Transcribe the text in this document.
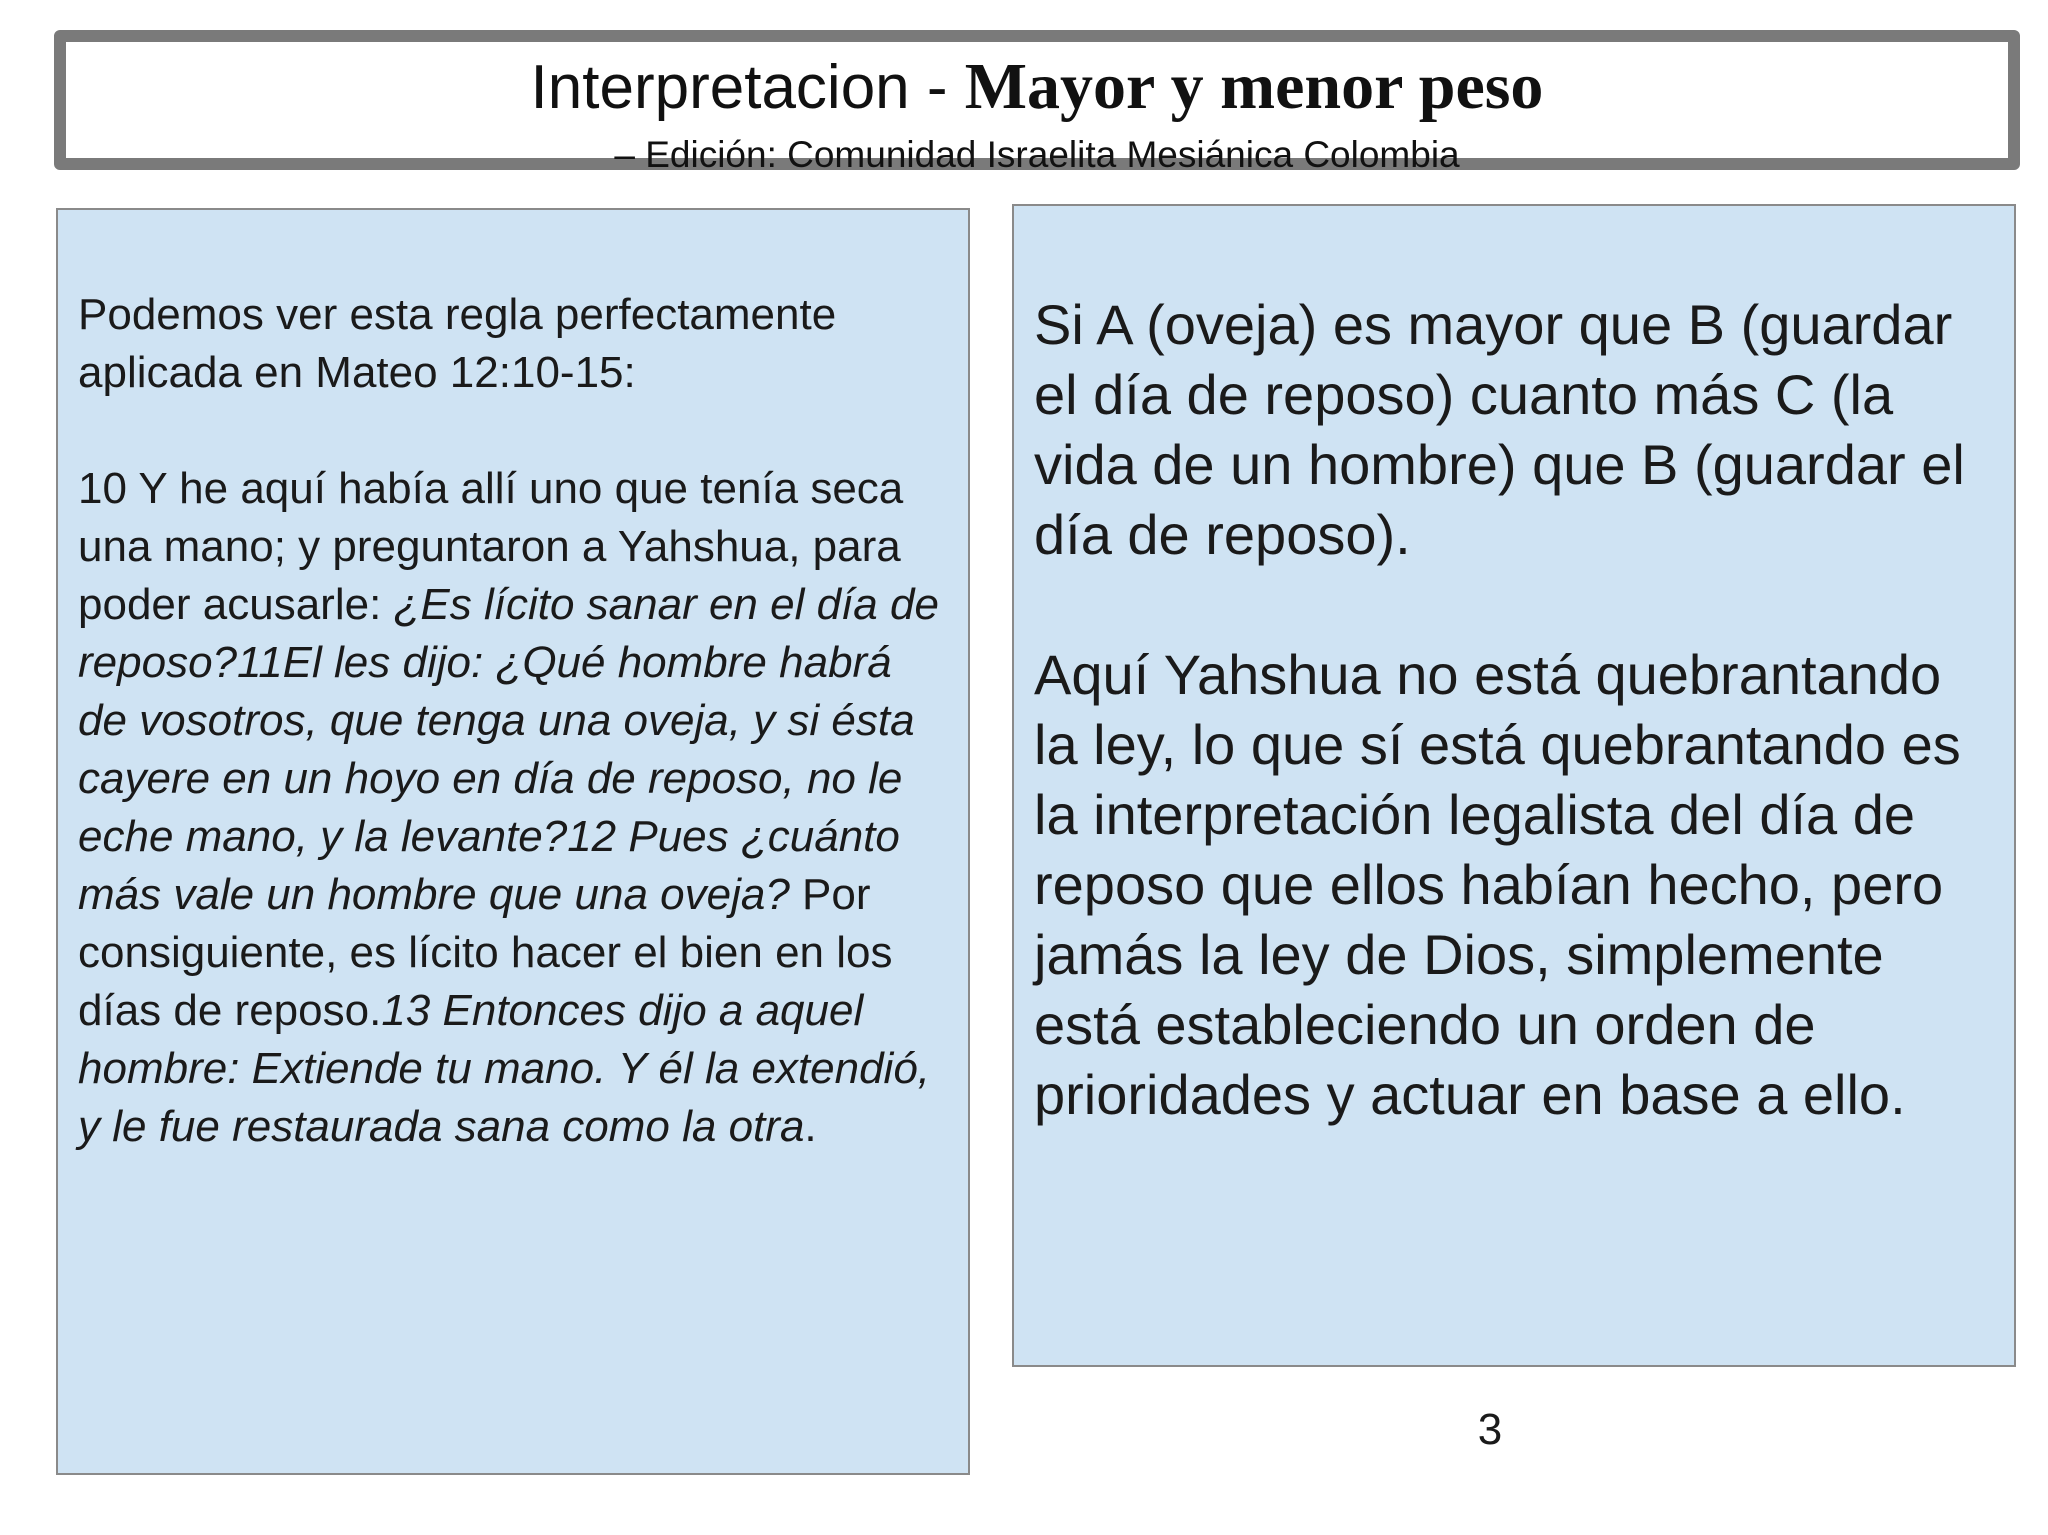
Interpretacion - Mayor y menor peso
– Edición: Comunidad Israelita Mesiánica Colombia

Podemos ver esta regla perfectamente aplicada en Mateo 12:10-15:

10 Y he aquí había allí uno que tenía seca una mano; y preguntaron a Yahshua, para poder acusarle: ¿Es lícito sanar en el día de reposo?11El les dijo: ¿Qué hombre habrá de vosotros, que tenga una oveja, y si ésta cayere en un hoyo en día de reposo, no le eche mano, y la levante?12 Pues ¿cuánto más vale un hombre que una oveja? Por consiguiente, es lícito hacer el bien en los días de reposo.13 Entonces dijo a aquel hombre: Extiende tu mano. Y él la extendió, y le fue restaurada sana como la otra.

Si A (oveja) es mayor que B (guardar el día de reposo) cuanto más C (la vida de un hombre) que B (guardar el día de reposo).

Aquí Yahshua no está quebrantando la ley, lo que sí está quebrantando es la interpretación legalista del día de reposo que ellos habían hecho, pero jamás la ley de Dios, simplemente está estableciendo un orden de prioridades y actuar en base a ello.

3
